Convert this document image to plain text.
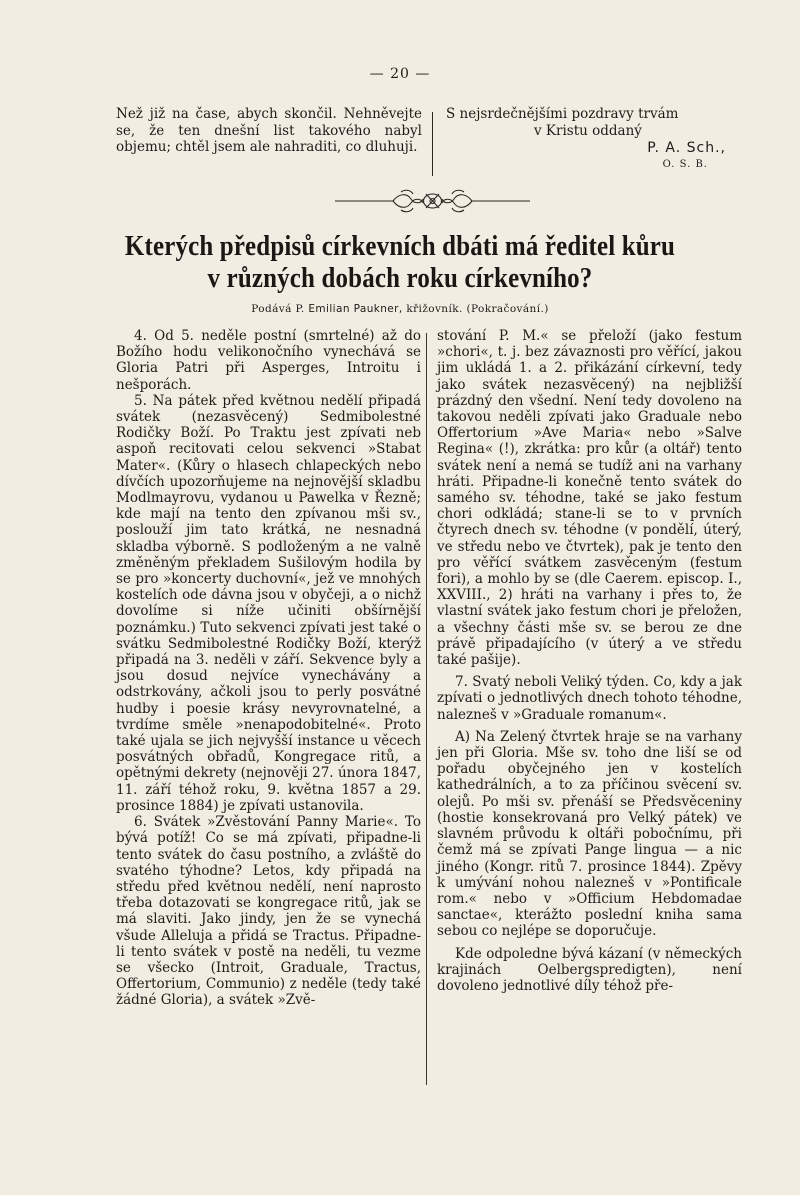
— 20 —
Než již na čase, abych skončil. Nehněvejte se, že ten dnešní list takového nabyl objemu; chtěl jsem ale nahraditi, co dluhuji.
S nejsrdečnějšími pozdravy trvám
v Kristu oddaný
P. A. Sch.,
O. S. B.
Kterých předpisů církevních dbáti má ředitel kůru
v různých dobách roku církevního?
Podává P. Emilian Paukner, křižovník. (Pokračování.)

4. Od 5. neděle postní (smrtelné) až do Božího hodu velikonočního vynechává se Gloria Patri při Asperges, Introitu i nešporách.

5. Na pátek před květnou nedělí připadá svátek (nezasvěcený) Sedmibolestné Rodičky Boží. Po Traktu jest zpívati neb aspoň recitovati celou sekvenci »Stabat Mater«. (Kůry o hlasech chlapeckých nebo dívčích upozorňujeme na nejnovější skladbu Modlmayrovu, vydanou u Pawelka v Řezně; kde mají na tento den zpívanou mši sv., poslouží jim tato krátká, ne nesnadná skladba výborně. S podloženým a ne valně změněným překladem Sušilovým hodila by se pro »koncerty duchovní«, jež ve mnohých kostelích ode dávna jsou v obyčeji, a o nichž dovolíme si níže učiniti obšírnější poznámku.) Tuto sekvenci zpívati jest také o svátku Sedmibolestné Rodičky Boží, kterýž připadá na 3. neděli v září. Sekvence byly a jsou dosud nejvíce vynechávány a odstrkovány, ačkoli jsou to perly posvátné hudby i poesie krásy nevyrovnatelné, a tvrdíme směle »nenapodobitelné«. Proto také ujala se jich nejvyšší instance u věcech posvátných obřadů, Kongregace ritů, a opětnými dekrety (nejnověji 27. února 1847, 11. září téhož roku, 9. května 1857 a 29. prosince 1884) je zpívati ustanovila.

6. Svátek »Zvěstování Panny Marie«. To bývá potíž! Co se má zpívati, připadne-li tento svátek do času postního, a zvláště do svatého týhodne? Letos, kdy připadá na středu před květnou nedělí, není naprosto třeba dotazovati se kongregace ritů, jak se má slaviti. Jako jindy, jen že se vynechá všude Alleluja a přidá se Tractus. Připadne-li tento svátek v postě na neděli, tu vezme se všecko (Introit, Graduale, Tractus, Offertorium, Communio) z neděle (tedy také žádné Gloria), a svátek »Zvě-

stování P. M.« se přeloží (jako festum »chori«, t. j. bez závaznosti pro věřící, jakou jim ukládá 1. a 2. přikázání církevní, tedy jako svátek nezasvěcený) na nejbližší prázdný den všední. Není tedy dovoleno na takovou neděli zpívati jako Graduale nebo Offertorium »Ave Maria« nebo »Salve Regina« (!), zkrátka: pro kůr (a oltář) tento svátek není a nemá se tudíž ani na varhany hráti. Připadne-li konečně tento svátek do samého sv. téhodne, také se jako festum chori odkládá; stane-li se to v prvních čtyrech dnech sv. téhodne (v pondělí, úterý, ve středu nebo ve čtvrtek), pak je tento den pro věřící svátkem zasvěceným (festum fori), a mohlo by se (dle Caerem. episcop. I., XXVIII., 2) hráti na varhany i přes to, že vlastní svátek jako festum chori je přeložen, a všechny části mše sv. se berou ze dne právě připadajícího (v úterý a ve středu také pašije).

7. Svatý neboli Veliký týden. Co, kdy a jak zpívati o jednotlivých dnech tohoto téhodne, nalezneš v »Graduale romanum«.

A) Na Zelený čtvrtek hraje se na varhany jen při Gloria. Mše sv. toho dne liší se od pořadu obyčejného jen v kostelích kathedrálních, a to za příčinou svěcení sv. olejů. Po mši sv. přenáší se Předsvěceniny (hostie konsekrovaná pro Velký pátek) ve slavném průvodu k oltáři pobočnímu, při čemž má se zpívati Pange lingua — a nic jiného (Kongr. ritů 7. prosince 1844). Zpěvy k umývání nohou nalezneš v »Pontificale rom.« nebo v »Officium Hebdomadae sanctae«, kterážto poslední kniha sama sebou co nejlépe se doporučuje.

Kde odpoledne bývá kázaní (v německých krajinách Oelbergspredigten), není dovoleno jednotlivé díly téhož pře-
